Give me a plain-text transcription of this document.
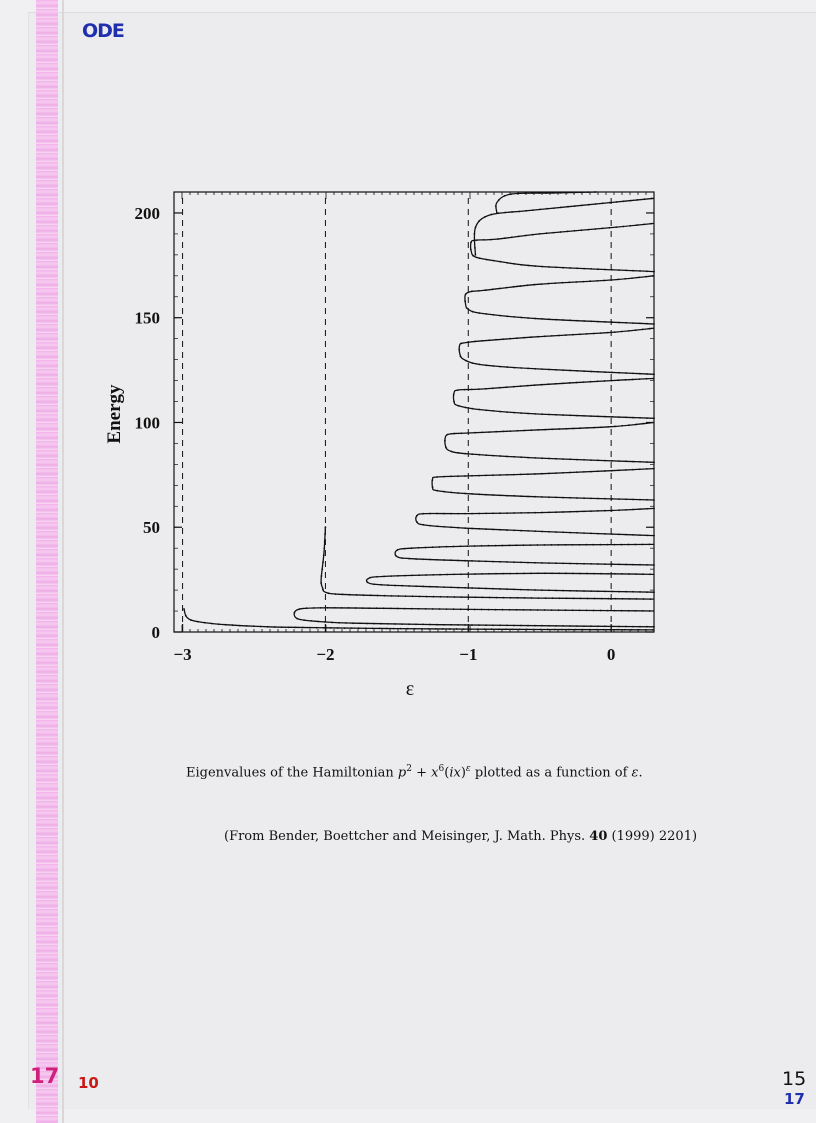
ODE

−3	−2	−1	0
0
50
100
150
200
ε
Energy

Eigenvalues of the Hamiltonian $p^2 + x^6(ix)^\varepsilon$ plotted as a function of ε.

(From Bender, Boettcher and Meisinger, J. Math. Phys. 40 (1999) 2201)

17 10	15

17
